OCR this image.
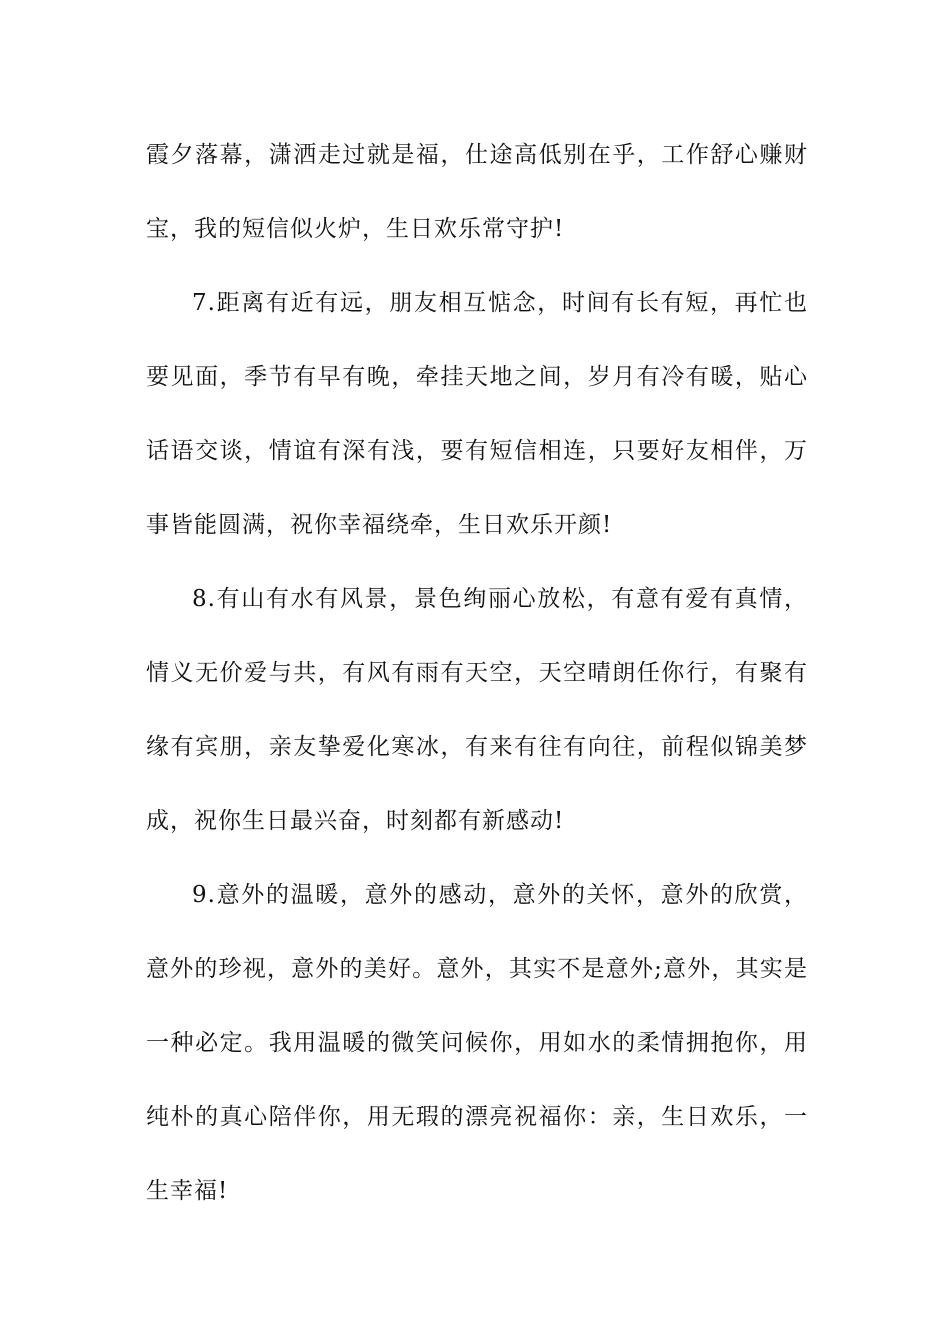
霞夕落幕，潇洒走过就是福，仕途高低别在乎，工作舒心赚财宝，我的短信似火炉，生日欢乐常守护!

7.距离有近有远，朋友相互惦念，时间有长有短，再忙也要见面，季节有早有晚，牵挂天地之间，岁月有冷有暖，贴心话语交谈，情谊有深有浅，要有短信相连，只要好友相伴，万事皆能圆满，祝你幸福绕牵，生日欢乐开颜!

8.有山有水有风景，景色绚丽心放松，有意有爱有真情，情义无价爱与共，有风有雨有天空，天空晴朗任你行，有聚有缘有宾朋，亲友挚爱化寒冰，有来有往有向往，前程似锦美梦成，祝你生日最兴奋，时刻都有新感动!

9.意外的温暖，意外的感动，意外的关怀，意外的欣赏，意外的珍视，意外的美好。意外，其实不是意外;意外，其实是一种必定。我用温暖的微笑问候你，用如水的柔情拥抱你，用纯朴的真心陪伴你，用无瑕的漂亮祝福你：亲，生日欢乐，一生幸福!
